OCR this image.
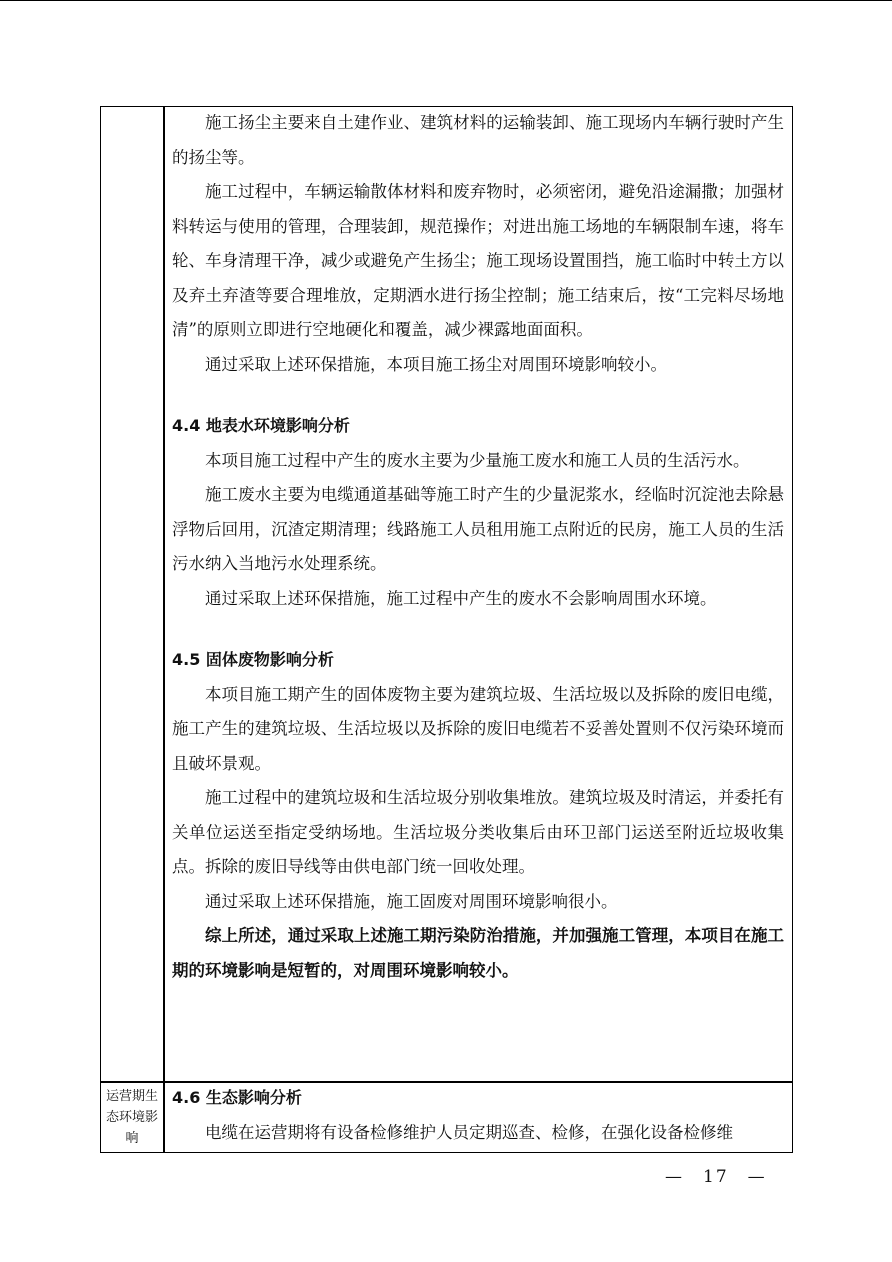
施工扬尘主要来自土建作业、建筑材料的运输装卸、施工现场内车辆行驶时产生的扬尘等。

施工过程中，车辆运输散体材料和废弃物时，必须密闭，避免沿途漏撒；加强材料转运与使用的管理，合理装卸，规范操作；对进出施工场地的车辆限制车速，将车轮、车身清理干净，减少或避免产生扬尘；施工现场设置围挡，施工临时中转土方以及弃土弃渣等要合理堆放，定期洒水进行扬尘控制；施工结束后，按“工完料尽场地清”的原则立即进行空地硬化和覆盖，减少裸露地面面积。

通过采取上述环保措施，本项目施工扬尘对周围环境影响较小。

4.4 地表水环境影响分析

本项目施工过程中产生的废水主要为少量施工废水和施工人员的生活污水。

施工废水主要为电缆通道基础等施工时产生的少量泥浆水，经临时沉淀池去除悬浮物后回用，沉渣定期清理；线路施工人员租用施工点附近的民房，施工人员的生活污水纳入当地污水处理系统。

通过采取上述环保措施，施工过程中产生的废水不会影响周围水环境。

4.5 固体废物影响分析

本项目施工期产生的固体废物主要为建筑垃圾、生活垃圾以及拆除的废旧电缆，施工产生的建筑垃圾、生活垃圾以及拆除的废旧电缆若不妥善处置则不仅污染环境而且破坏景观。

施工过程中的建筑垃圾和生活垃圾分别收集堆放。建筑垃圾及时清运，并委托有关单位运送至指定受纳场地。生活垃圾分类收集后由环卫部门运送至附近垃圾收集点。拆除的废旧导线等由供电部门统一回收处理。

通过采取上述环保措施，施工固废对周围环境影响很小。

综上所述，通过采取上述施工期污染防治措施，并加强施工管理，本项目在施工期的环境影响是短暂的，对周围环境影响较小。

运营期生态环境影响

4.6 生态影响分析

电缆在运营期将有设备检修维护人员定期巡查、检修，在强化设备检修维

—　17　—
